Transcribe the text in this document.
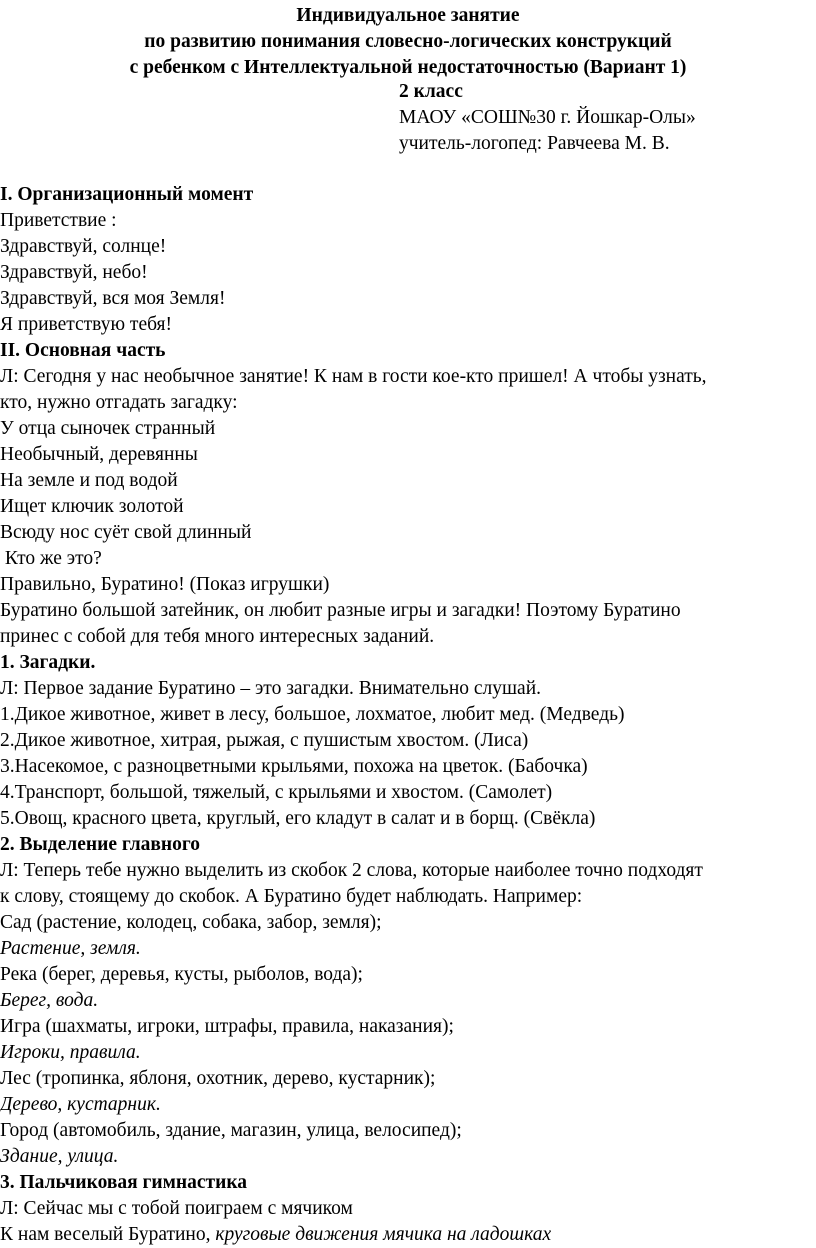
Индивидуальное занятие
по развитию понимания словесно-логических конструкций
с ребенком с Интеллектуальной недостаточностью (Вариант 1)
2 класс
МАОУ «СОШ№30 г. Йошкар-Олы»
учитель-логопед: Равчеева М. В.
I. Организационный момент
Приветствие :
Здравствуй, солнце!
Здравствуй, небо!
Здравствуй, вся моя Земля!
Я приветствую тебя!
II. Основная часть
Л: Сегодня у нас необычное занятие! К нам в гости кое-кто пришел! А чтобы узнать,
кто, нужно отгадать загадку:
У отца сыночек странный
Необычный, деревянны
На земле и под водой
Ищет ключик золотой
Всюду нос суёт свой длинный
Кто же это?
Правильно, Буратино! (Показ игрушки)
Буратино большой затейник, он любит разные игры и загадки! Поэтому Буратино
принес с собой для тебя много интересных заданий.
1. Загадки.
Л: Первое задание Буратино – это загадки. Внимательно слушай.
1.Дикое животное, живет в лесу, большое, лохматое, любит мед. (Медведь)
2.Дикое животное, хитрая, рыжая, с пушистым хвостом. (Лиса)
3.Насекомое, с разноцветными крыльями, похожа на цветок. (Бабочка)
4.Транспорт, большой, тяжелый, с крыльями и хвостом. (Самолет)
5.Овощ, красного цвета, круглый, его кладут в салат и в борщ. (Свёкла)
2. Выделение главного
Л: Теперь тебе нужно выделить из скобок 2 слова, которые наиболее точно подходят
к слову, стоящему до скобок. А Буратино будет наблюдать. Например:
Сад (растение, колодец, собака, забор, земля);
Растение, земля.
Река (берег, деревья, кусты, рыболов, вода);
Берег, вода.
Игра (шахматы, игроки, штрафы, правила, наказания);
Игроки, правила.
Лес (тропинка, яблоня, охотник, дерево, кустарник);
Дерево, кустарник.
Город (автомобиль, здание, магазин, улица, велосипед);
Здание, улица.
3. Пальчиковая гимнастика
Л: Сейчас мы с тобой поиграем с мячиком
К нам веселый Буратино, круговые движения мячика на ладошках
